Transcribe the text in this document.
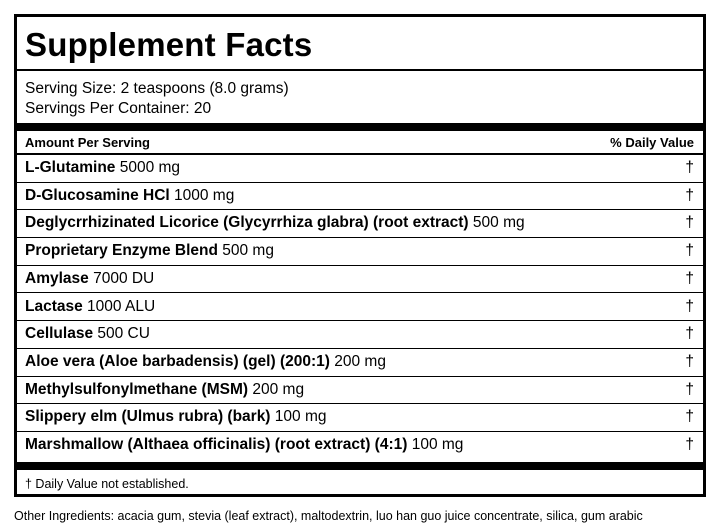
Supplement Facts
Serving Size: 2 teaspoons (8.0 grams)
Servings Per Container: 20
Amount Per Serving	% Daily Value
L-Glutamine 5000 mg	†
D-Glucosamine HCl 1000 mg	†
Deglycrrhizinated Licorice (Glycyrrhiza glabra) (root extract) 500 mg	†
Proprietary Enzyme Blend 500 mg	†
Amylase 7000 DU	†
Lactase 1000 ALU	†
Cellulase 500 CU	†
Aloe vera (Aloe barbadensis) (gel) (200:1) 200 mg	†
Methylsulfonylmethane (MSM) 200 mg	†
Slippery elm (Ulmus rubra) (bark) 100 mg	†
Marshmallow (Althaea officinalis) (root extract) (4:1) 100 mg	†
† Daily Value not established.
Other Ingredients: acacia gum, stevia (leaf extract), maltodextrin, luo han guo juice concentrate, silica, gum arabic
